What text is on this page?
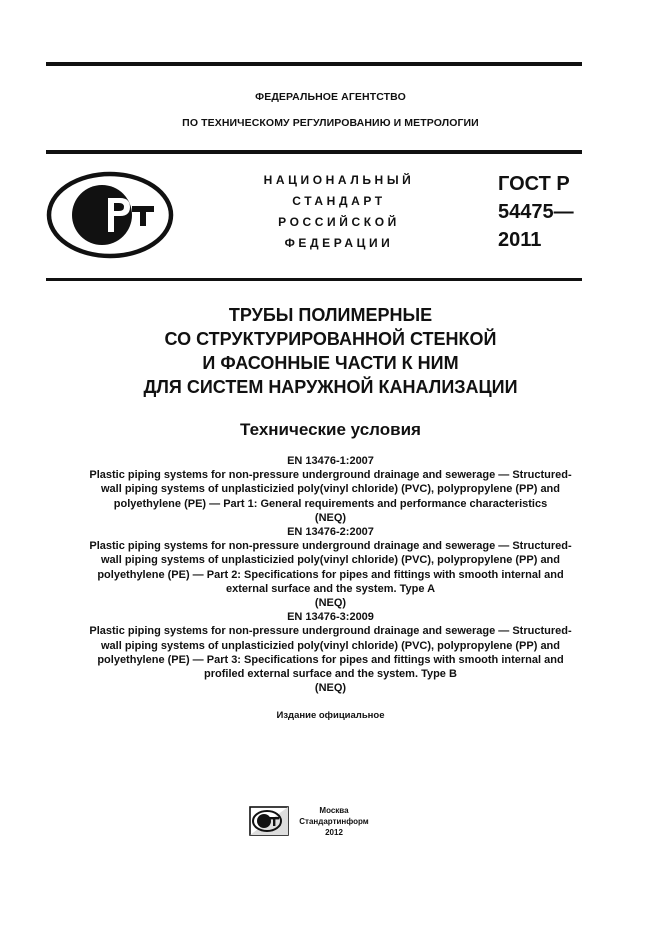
ФЕДЕРАЛЬНОЕ АГЕНТСТВО
ПО ТЕХНИЧЕСКОМУ РЕГУЛИРОВАНИЮ И МЕТРОЛОГИИ
НАЦИОНАЛЬНЫЙ
СТАНДАРТ
РОССИЙСКОЙ
ФЕДЕРАЦИИ
ГОСТ Р
54475—
2011
ТРУБЫ ПОЛИМЕРНЫЕ
СО СТРУКТУРИРОВАННОЙ СТЕНКОЙ
И ФАСОННЫЕ ЧАСТИ К НИМ
ДЛЯ СИСТЕМ НАРУЖНОЙ КАНАЛИЗАЦИИ
Технические условия
EN 13476-1:2007
Plastic piping systems for non-pressure underground drainage and sewerage — Structured-
wall piping systems of unplasticizied poly(vinyl chloride) (PVC), polypropylene (PP) and
polyethylene (PE) — Part 1: General requirements and performance characteristics
(NEQ)
EN 13476-2:2007
Plastic piping systems for non-pressure underground drainage and sewerage — Structured-
wall piping systems of unplasticizied poly(vinyl chloride) (PVC), polypropylene (PP) and
polyethylene (PE) — Part 2: Specifications for pipes and fittings with smooth internal and
external surface and the system. Type A
(NEQ)
EN 13476-3:2009
Plastic piping systems for non-pressure underground drainage and sewerage — Structured-
wall piping systems of unplasticizied poly(vinyl chloride) (PVC), polypropylene (PP) and
polyethylene (PE) — Part 3: Specifications for pipes and fittings with smooth internal and
profiled external surface and the system. Type B
(NEQ)
Издание официальное
Москва
Стандартинформ
2012
